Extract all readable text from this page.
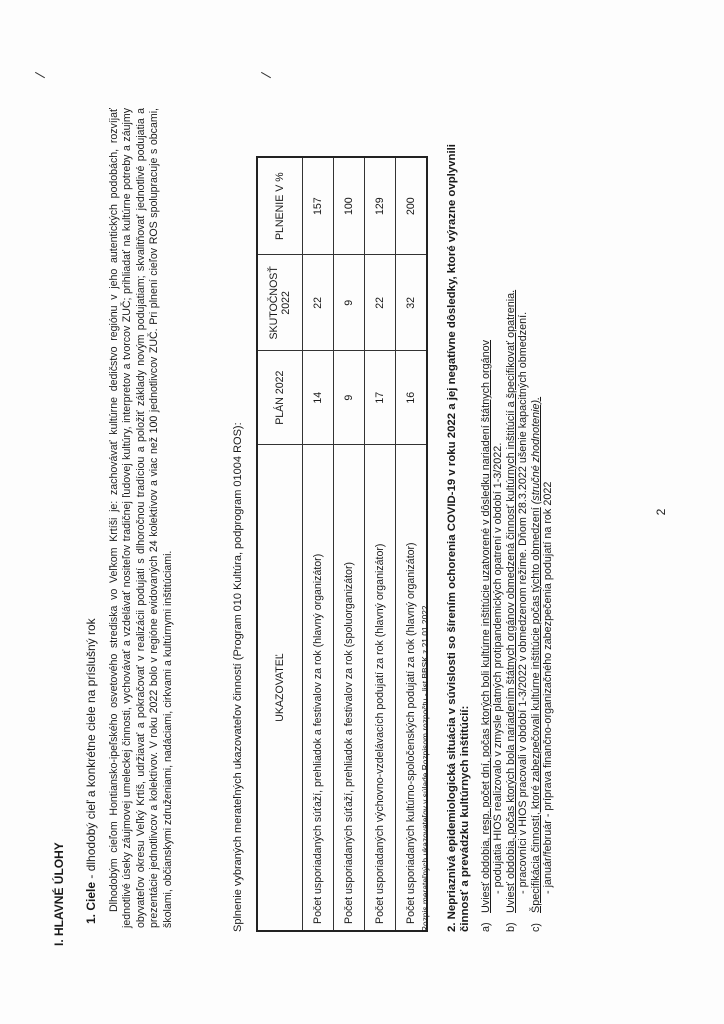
I. HLAVNÉ ÚLOHY 1. Ciele - dlhodobý cieľ a konkrétne ciele na príslušný rok Dlhodobým cieľom Hontiansko-ipeľského osvetového strediska vo Veľkom Krtíši je: zachovávať kultúrne dedičstvo regiónu v jeho autentických podobách, rozvíjať jednotlivé úseky záujmovej umeleckej činnosti, vychovávať a vzdelávať nositeľov tradičnej ľudovej kultúry, interpretov a tvorcov ZUČ; prihliadať na kultúrne potreby a záujmy obyvateľov okresu Veľký Krtíš, udržiavať a pokračovať v realizácii podujatí s dlhoročnou tradíciou a položiť základy novým podujatiam; skvalitňovať jednotlivé podujatia a prezentácie jednotlivcov a kolektívov. V roku 2022 bolo v regióne evidovaných 24 kolektívov a viac než 100 jednotlivcov ZUČ. Pri plnení cieľov ROS spolupracuje s obcami, školami, občianskymi združeniami, nadáciami, cirkvami a kultúrnymi inštitúciami.	Splnenie vybraných merateľných ukazovateľov činností (Program 010 Kultúra, podprogram 01004 ROS):	UKAZOVATEĽ	PLÁN 2022	SKUTOČNOSŤ 2022	PLNENIE V %
Počet usporiadaných súťaží, prehliadok a festivalov za rok (hlavný organizátor)	14	22	157
Počet usporiadaných súťaží, prehliadok a festivalov za rok (spoluorganizátor)	9	9	100
Počet usporiadaných výchovno-vzdelávacích podujatí za rok (hlavný organizátor)	17	22	129
Počet usporiadaných kultúrno-spoločenských podujatí za rok (hlavný organizátor)	16	32	200
Rozpis merateľných ukazovateľov v súlade Rozpisom rozpočtu - list BBSK z 21.01.2022 2. Nepriaznivá epidemiologická situácia v súvislosti so šírením ochorenia COVID-19 v roku 2022 a jej negatívne dôsledky, ktoré výrazne ovplyvnili činnosť a prevádzku kultúrnych inštitúcií: a) Uviesť obdobia, resp. počet dní, počas ktorých boli kultúrne inštitúcie uzatvorené v dôsledku nariadení štátnych orgánov - podujatia HIOS realizovalo v zmysle platných protipandemických opatrení v období 1-3/2022.
b) Uviesť obdobia, počas ktorých bola nariadením štátnych orgánov obmedzená činnosť kultúrnych inštitúcií a špecifikovať opatrenia. - pracovníci v HIOS pracovali v období 1-3/2022 v obmedzenom režime. Dňom 28.3.2022 ušenie kapacitných obmedzení.
c) Špecifikácia činností, ktoré zabezpečovali kultúrne inštitúcie počas týchto obmedzení (stručné zhodnotenie).
- január/február - príprava finančno-organizačného zabezpečenia podujatí na rok 2022	2
